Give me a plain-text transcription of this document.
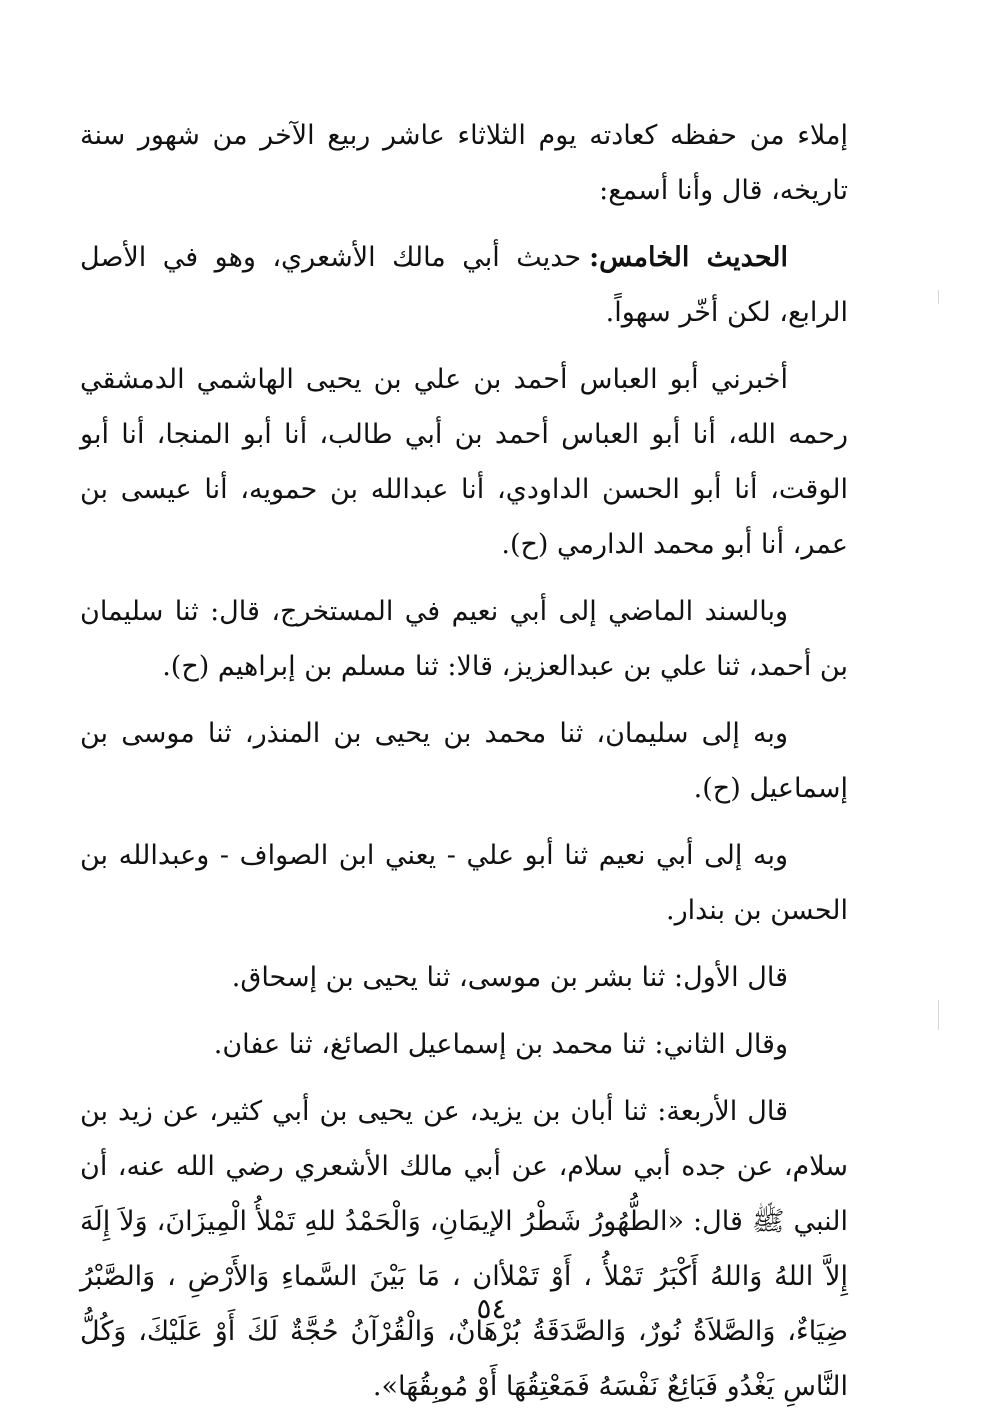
إملاء من حفظه كعادته يوم الثلاثاء عاشر ربيع الآخر من شهور سنة تاريخه، قال وأنا أسمع:

الحديث الخامس:حديث أبي مالك الأشعري، وهو في الأصل الرابع، لكن أخّر سهواً.

أخبرني أبو العباس أحمد بن علي بن يحيى الهاشمي الدمشقي رحمه الله، أنا أبو العباس أحمد بن أبي طالب، أنا أبو المنجا، أنا أبو الوقت، أنا أبو الحسن الداودي، أنا عبدالله بن حمويه، أنا عيسى بن عمر، أنا أبو محمد الدارمي (ح).

وبالسند الماضي إلى أبي نعيم في المستخرج، قال: ثنا سليمان بن أحمد، ثنا علي بن عبدالعزيز، قالا: ثنا مسلم بن إبراهيم (ح).

وبه إلى سليمان، ثنا محمد بن يحيى بن المنذر، ثنا موسى بن إسماعيل (ح).

وبه إلى أبي نعيم ثنا أبو علي - يعني ابن الصواف - وعبدالله بن الحسن بن بندار.

قال الأول: ثنا بشر بن موسى، ثنا يحيى بن إسحاق.

وقال الثاني: ثنا محمد بن إسماعيل الصائغ، ثنا عفان.

قال الأربعة: ثنا أبان بن يزيد، عن يحيى بن أبي كثير، عن زيد بن سلام، عن جده أبي سلام، عن أبي مالك الأشعري رضي الله عنه، أن النبي ﷺ قال: «الطُّهُورُ شَطْرُ الإيمَانِ، وَالْحَمْدُ للهِ تَمْلأُ الْمِيزَانَ، وَلاَ إِلَهَ إِلاَّ اللهُ وَاللهُ أَكْبَرُ تَمْلأُ ، أَوْ تَمْلأان ، مَا بَيْنَ السَّماءِ وَالأَرْضِ ، وَالصَّبْرُ ضِيَاءٌ، وَالصَّلاَةُ نُورٌ، وَالصَّدَقَةُ بُرْهَانٌ، وَالْقُرْآنُ حُجَّةٌ لَكَ أَوْ عَلَيْكَ، وَكُلُّ النَّاسِ يَغْدُو فَبَائِعٌ نَفْسَهُ فَمَعْتِقُهَا أَوْ مُوبِقُهَا».

٥٤
